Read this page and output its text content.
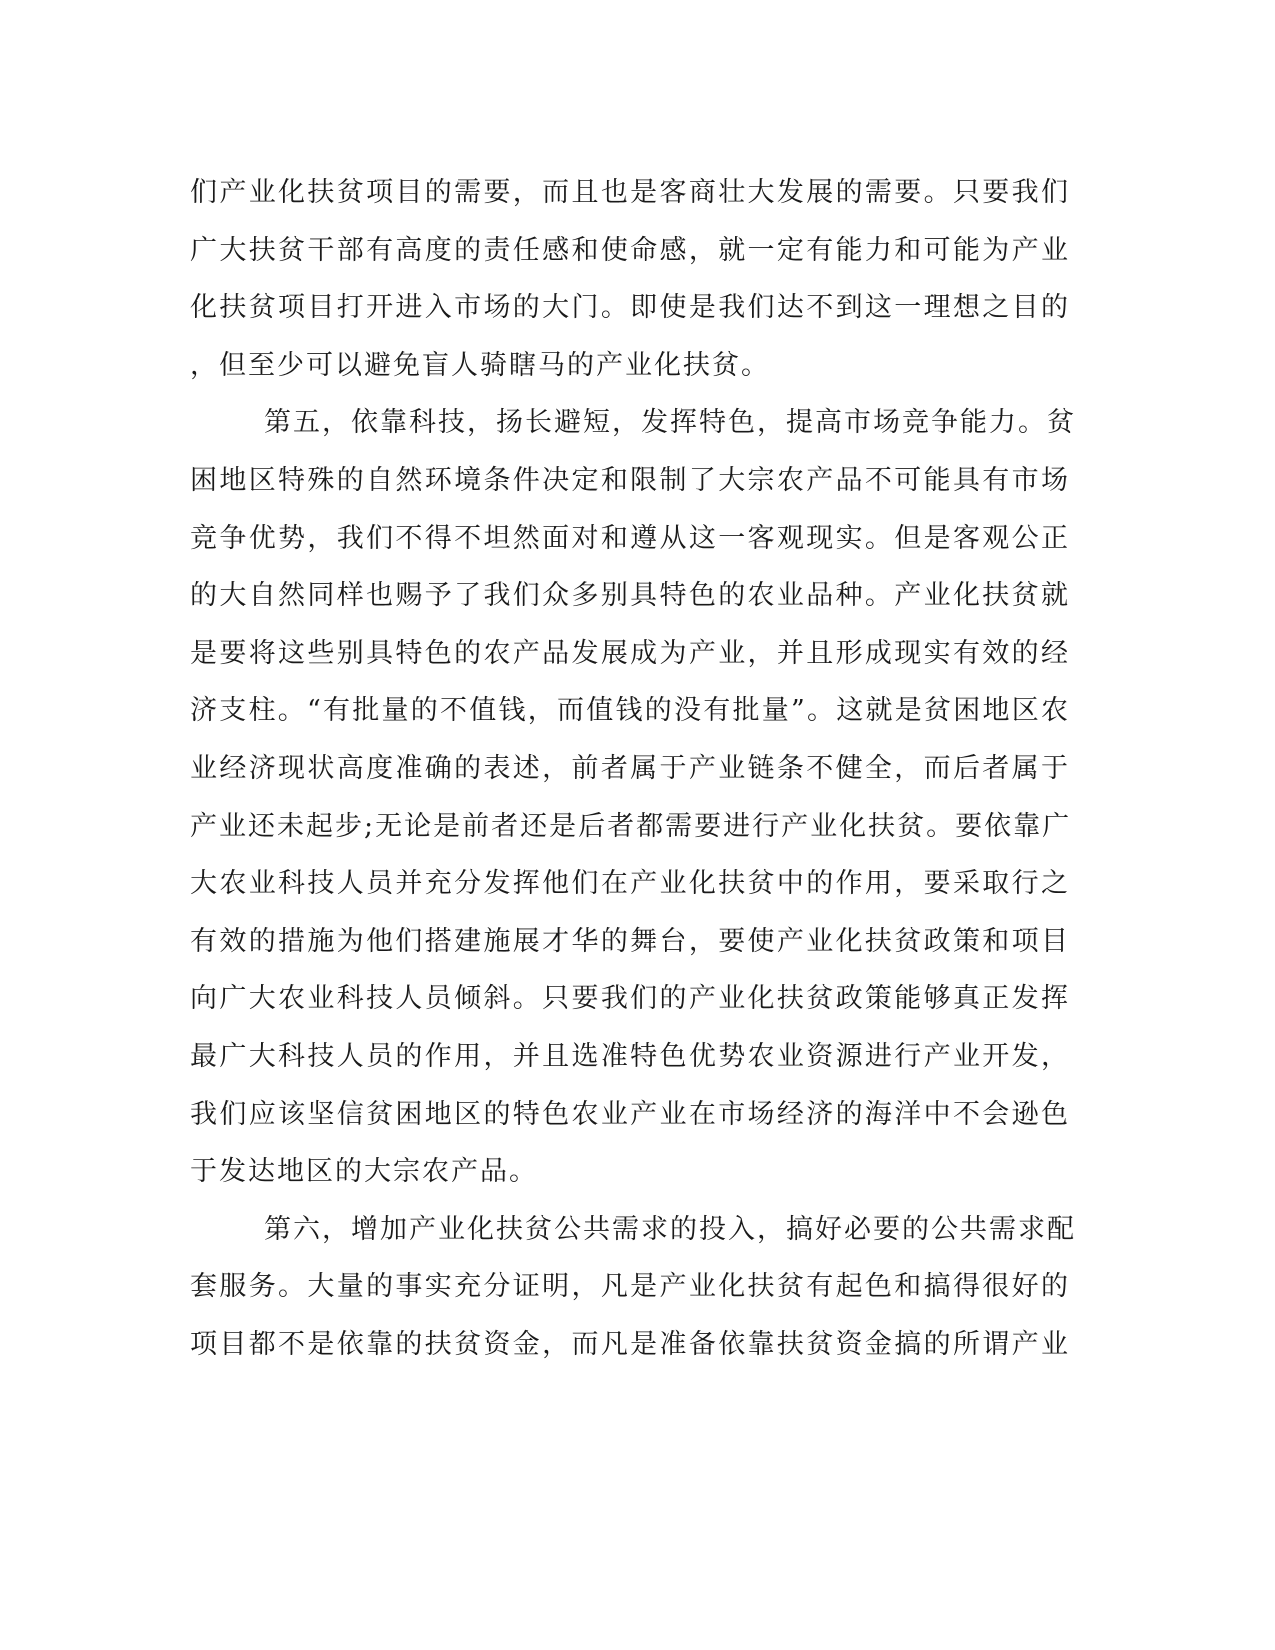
们产业化扶贫项目的需要，而且也是客商壮大发展的需要。只要我们
广大扶贫干部有高度的责任感和使命感，就一定有能力和可能为产业
化扶贫项目打开进入市场的大门。即使是我们达不到这一理想之目的
，但至少可以避免盲人骑瞎马的产业化扶贫。
第五，依靠科技，扬长避短，发挥特色，提高市场竞争能力。贫
困地区特殊的自然环境条件决定和限制了大宗农产品不可能具有市场
竞争优势，我们不得不坦然面对和遵从这一客观现实。但是客观公正
的大自然同样也赐予了我们众多别具特色的农业品种。产业化扶贫就
是要将这些别具特色的农产品发展成为产业，并且形成现实有效的经
济支柱。“有批量的不值钱，而值钱的没有批量”。这就是贫困地区农
业经济现状高度准确的表述，前者属于产业链条不健全，而后者属于
产业还未起步;无论是前者还是后者都需要进行产业化扶贫。要依靠广
大农业科技人员并充分发挥他们在产业化扶贫中的作用，要采取行之
有效的措施为他们搭建施展才华的舞台，要使产业化扶贫政策和项目
向广大农业科技人员倾斜。只要我们的产业化扶贫政策能够真正发挥
最广大科技人员的作用，并且选准特色优势农业资源进行产业开发，
我们应该坚信贫困地区的特色农业产业在市场经济的海洋中不会逊色
于发达地区的大宗农产品。
第六，增加产业化扶贫公共需求的投入，搞好必要的公共需求配
套服务。大量的事实充分证明，凡是产业化扶贫有起色和搞得很好的
项目都不是依靠的扶贫资金，而凡是准备依靠扶贫资金搞的所谓产业
